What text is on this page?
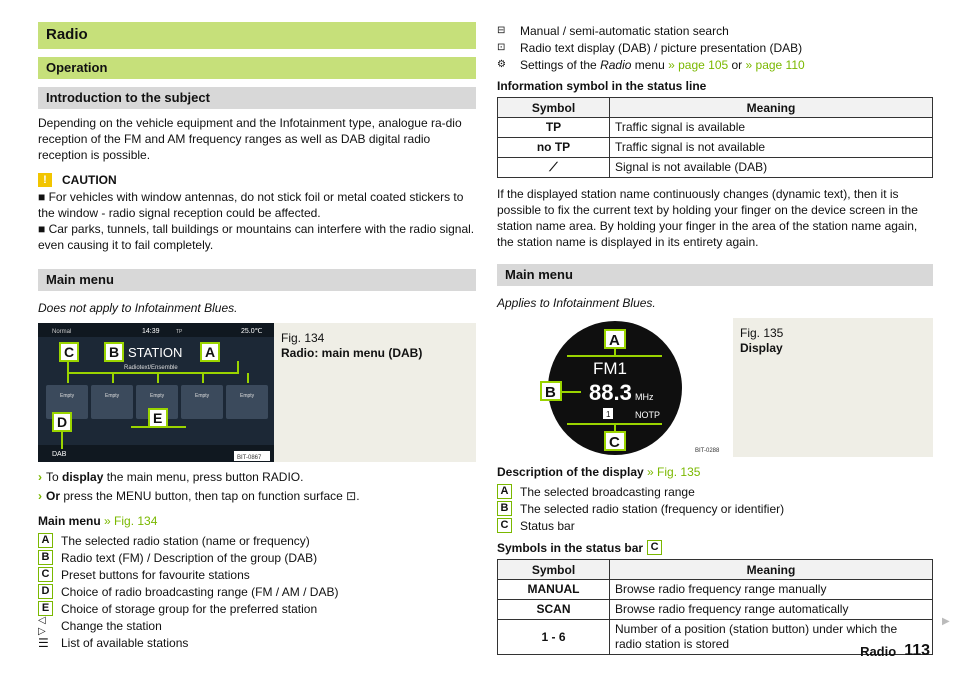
Radio
Operation
Introduction to the subject
Depending on the vehicle equipment and the Infotainment type, analogue ra-dio reception of the FM and AM frequency ranges as well as DAB digital radio reception is possible.
!	CAUTION
■ For vehicles with window antennas, do not stick foil or metal coated stickers to the window - radio signal reception could be affected.
■ Car parks, tunnels, tall buildings or mountains can interfere with the radio signal. even causing it to fail completely.
Main menu
Does not apply to Infotainment Blues.
Normal	14:39	TP	25.0℃
STATION
Radiotext/Ensemble
Empty	Empty	Empty	Empty	Empty
DAB	BIT-0867
C B	A
D	E
Fig. 134
Radio: main menu (DAB)
› To display the main menu, press button RADIO.
› Or press the MENU button, then tap on function surface ⊡.
Main menu » Fig. 134
A The selected radio station (name or frequency)
B Radio text (FM) / Description of the group (DAB)
C Preset buttons for favourite stations
D Choice of radio broadcasting range (FM / AM / DAB)
E Choice of storage group for the preferred station
◁ ▷	Change the station
☰	List of available stations
⊟	Manual / semi-automatic station search
⊡	Radio text display (DAB) / picture presentation (DAB)
⚙	Settings of the Radio menu » page 105 or » page 110
Information symbol in the status line
Symbol	Meaning
TP	Traffic signal is available
no TP	Traffic signal is not available
⟋	Signal is not available (DAB)
If the displayed station name continuously changes (dynamic text), then it is possible to fix the current text by holding your finger on the device screen in the station name area. By holding your finger in the area of the station name again, the station name is displayed in its entirety again.
Main menu
Applies to Infotainment Blues.
FM1
88.3 MHz
1	NOTP
A
B
C	BIT-0288
Fig. 135
Display
Description of the display » Fig. 135
A The selected broadcasting range
B The selected radio station (frequency or identifier)
C Status bar
Symbols in the status bar C
Symbol	Meaning
MANUAL	Browse radio frequency range manually
SCAN	Browse radio frequency range automatically
1 - 6	Number of a position (station button) under which the radio station is stored
▶
Radio 113
